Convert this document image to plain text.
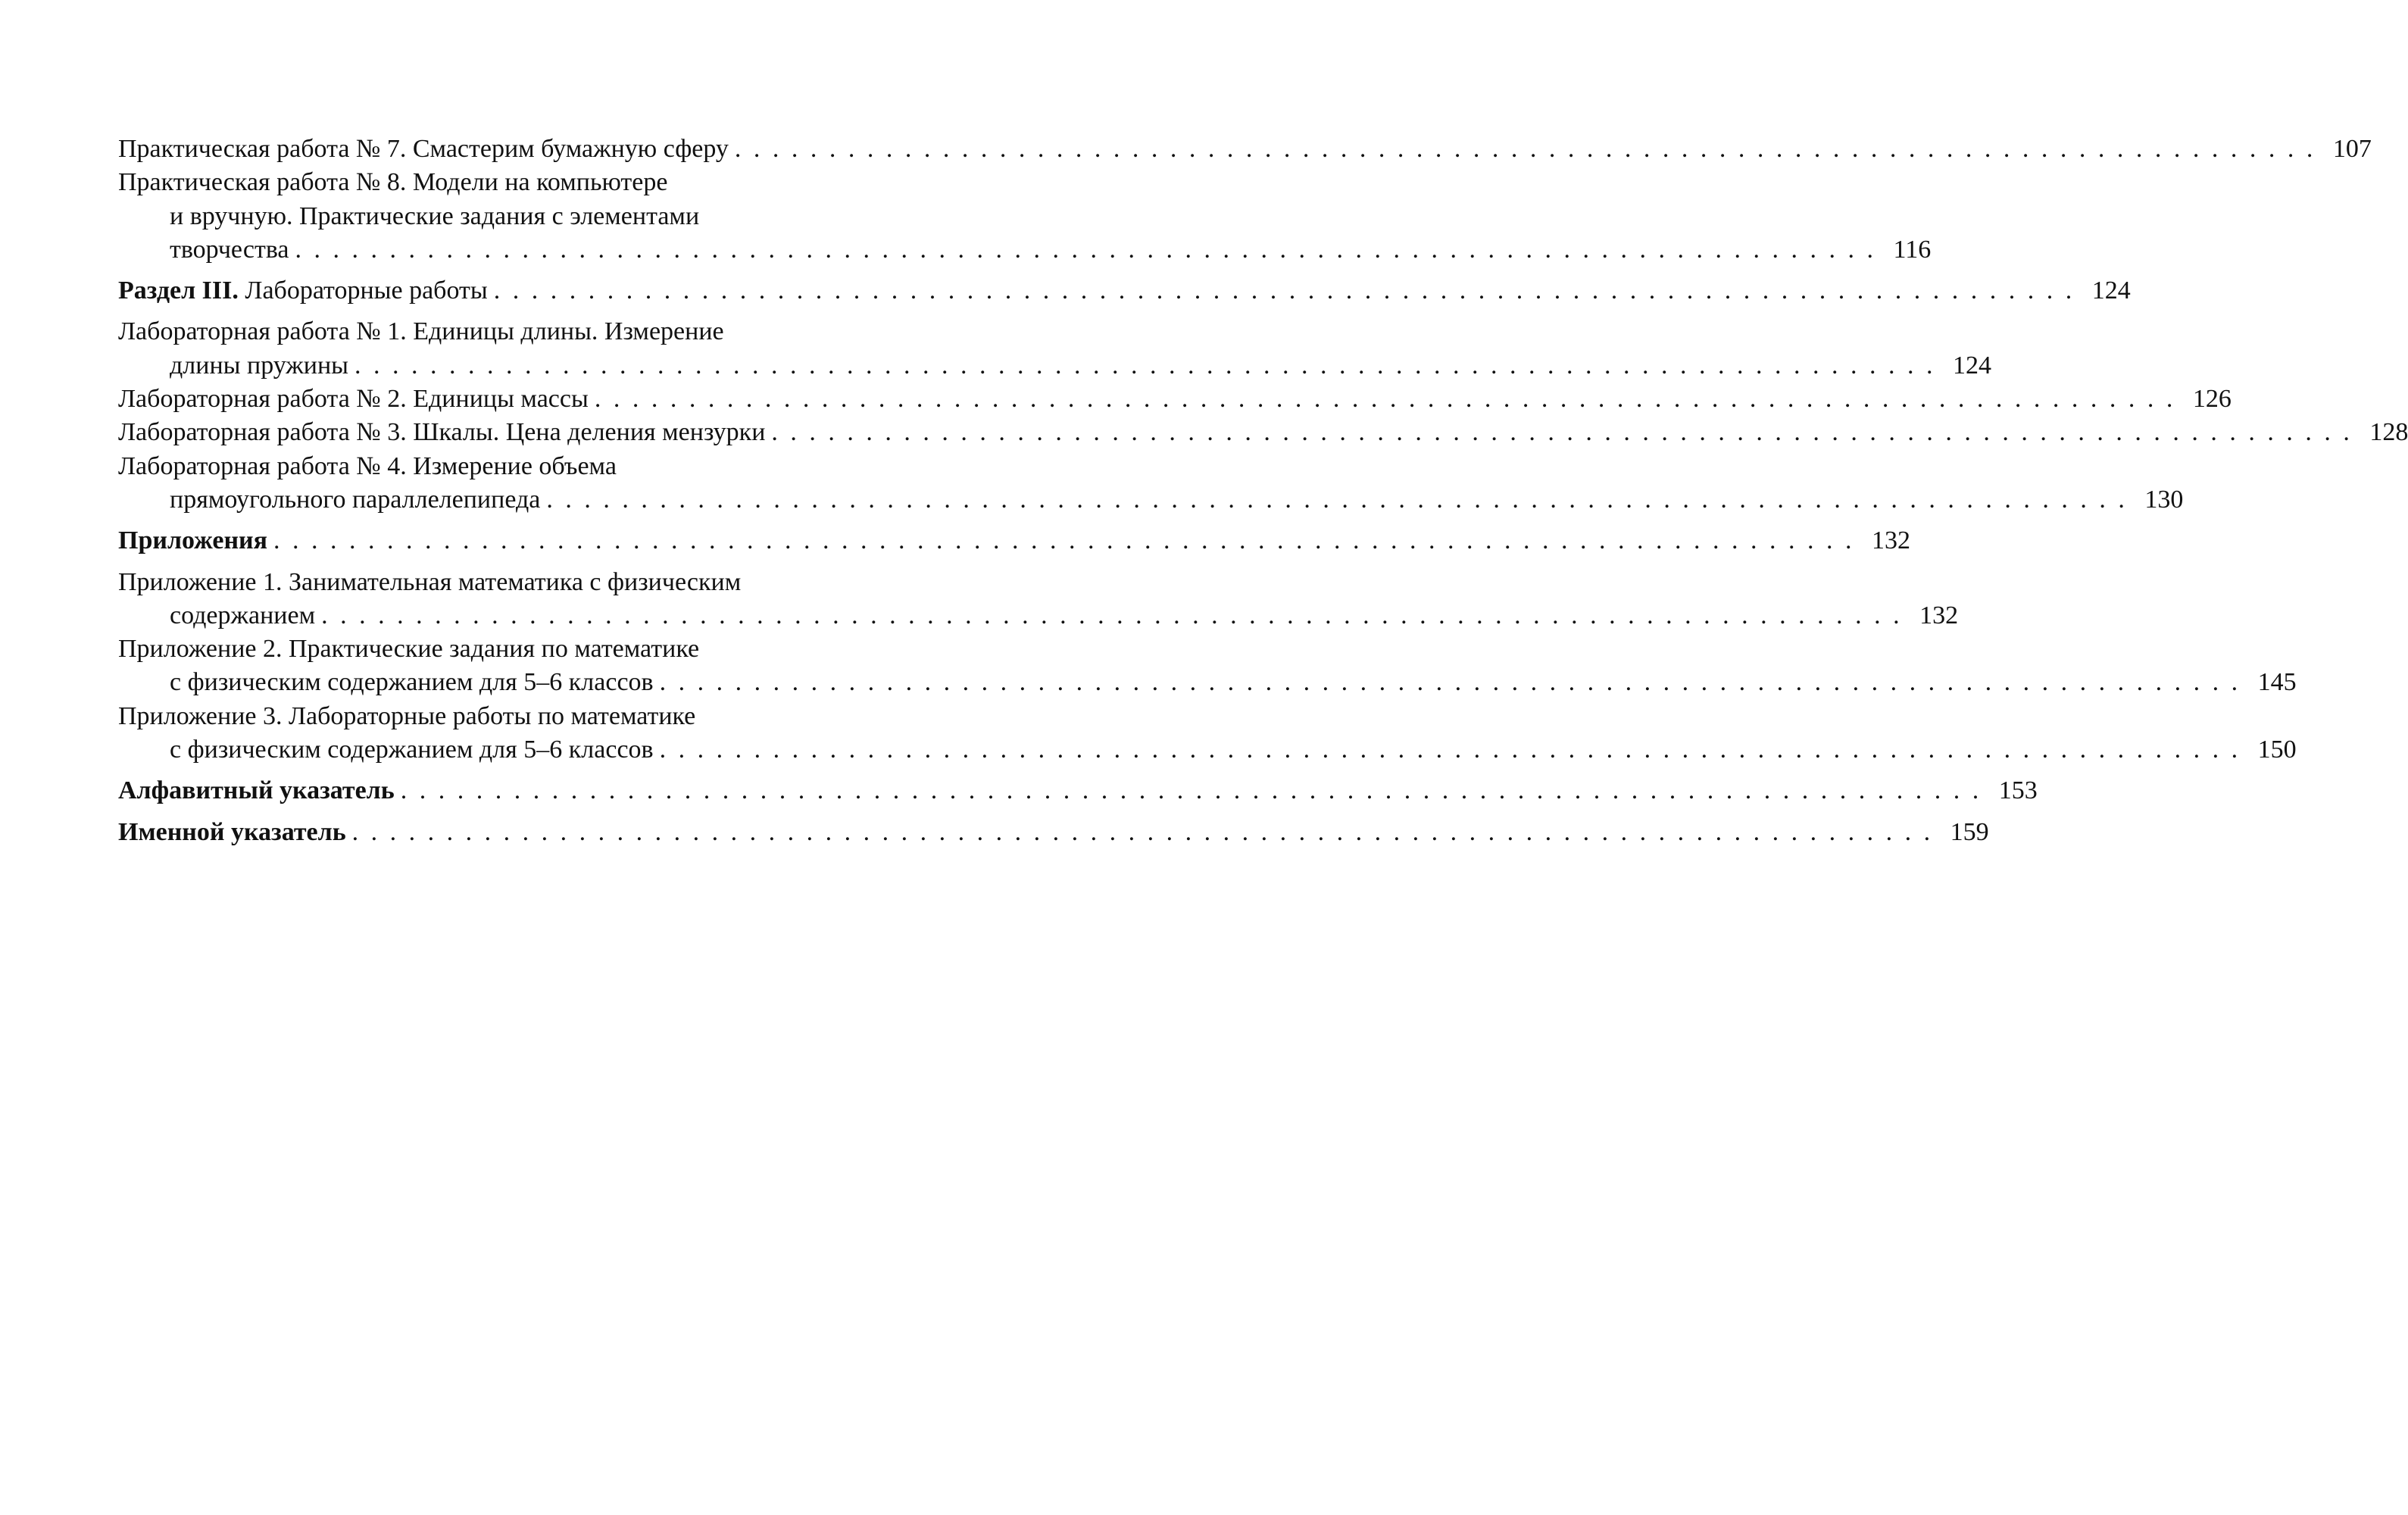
Практическая работа № 7. Смастерим бумажную сферу .................................................................................... 107
Практическая работа № 8. Модели на компьютере
и вручную. Практические задания с элементами
творчества .................................................................................... 116
Раздел III. Лабораторные работы .................................................................................... 124
Лабораторная работа № 1. Единицы длины. Измерение
длины пружины .................................................................................... 124
Лабораторная работа № 2. Единицы массы .................................................................................... 126
Лабораторная работа № 3. Шкалы. Цена деления мензурки .................................................................................... 128
Лабораторная работа № 4. Измерение объема
прямоугольного параллелепипеда .................................................................................... 130
Приложения .................................................................................... 132
Приложение 1. Занимательная математика с физическим
содержанием .................................................................................... 132
Приложение 2. Практические задания по математике
с физическим содержанием для 5–6 классов .................................................................................... 145
Приложение 3. Лабораторные работы по математике
с физическим содержанием для 5–6 классов .................................................................................... 150
Алфавитный указатель .................................................................................... 153
Именной указатель .................................................................................... 159
